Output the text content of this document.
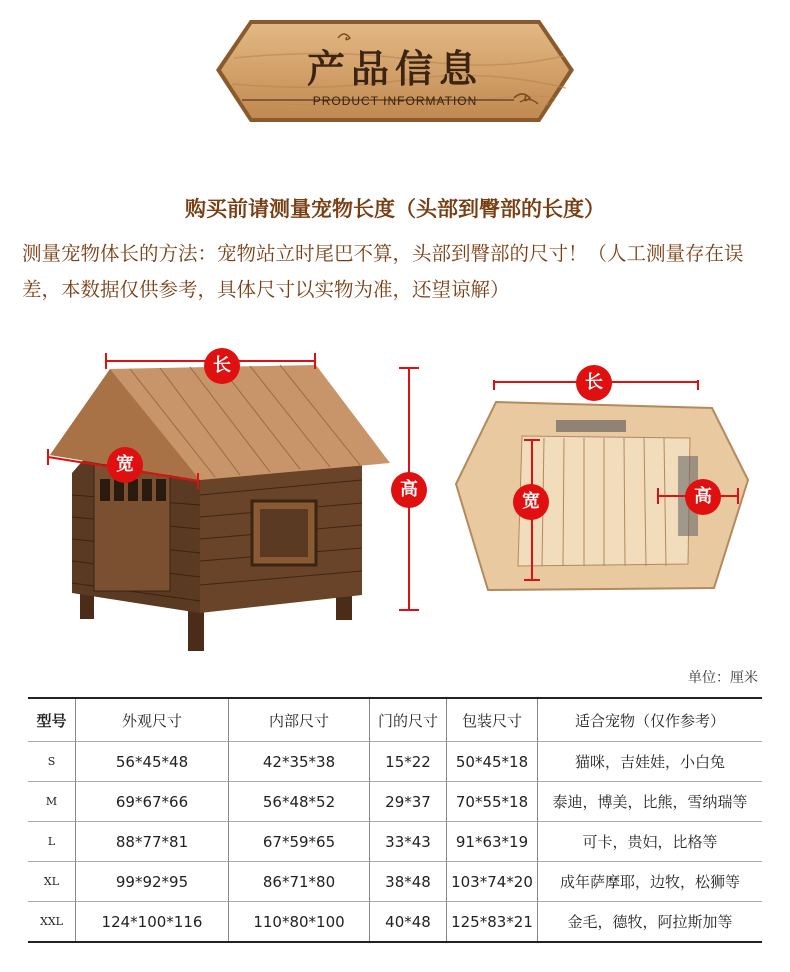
产品信息
PRODUCT INFORMATION
购买前请测量宠物长度（头部到臀部的长度）
测量宠物体长的方法：宠物站立时尾巴不算，头部到臀部的尺寸！（人工测量存在误差，本数据仅供参考，具体尺寸以实物为准，还望谅解）
长
宽
高
长
宽	高
单位：厘米
型号	外观尺寸	内部尺寸	门的尺寸	包装尺寸	适合宠物（仅作参考）
S	56*45*48	42*35*38	15*22	50*45*18	猫咪，吉娃娃，小白兔
M	69*67*66	56*48*52	29*37	70*55*18	泰迪，博美，比熊，雪纳瑞等
L	88*77*81	67*59*65	33*43	91*63*19	可卡，贵妇，比格等
XL	99*92*95	86*71*80	38*48	103*74*20	成年萨摩耶，边牧，松狮等
XXL	124*100*116	110*80*100	40*48	125*83*21	金毛，德牧，阿拉斯加等
